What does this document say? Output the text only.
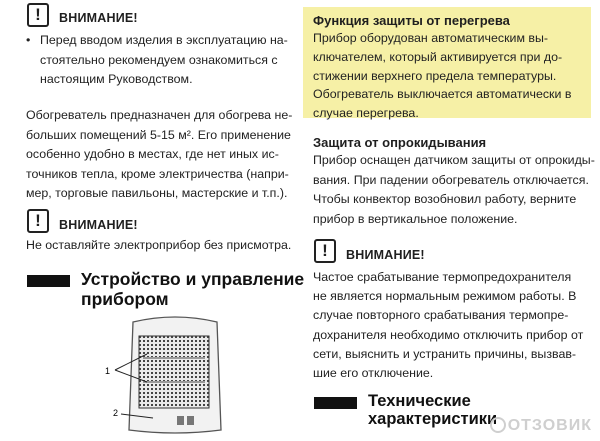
!	ВНИМАНИЕ!
• Перед вводом изделия в эксплуатацию на-

стоятельно рекомендуем ознакомиться с

настоящим Руководством.

Обогреватель предназначен для обогрева не-

больших помещений 5-15 м². Его применение

особенно удобно в местах, где нет иных ис-

точников тепла, кроме электричества (напри-

мер, торговые павильоны, мастерские и т.п.).

!	ВНИМАНИЕ!
Не оставляйте электроприбор без присмотра.
Устройство и управление
прибором
1
2
Функция защиты от перегрева

Прибор оборудован автоматическим вы-

ключателем, который активируется при до-

стижении верхнего предела температуры.

Обогреватель выключается автоматически в

случае перегрева.

Защита от опрокидывания

Прибор оснащен датчиком защиты от опрокиды-

вания. При падении обогреватель отключается.

Чтобы конвектор возобновил работу, верните

прибор в вертикальное положение.

!	ВНИМАНИЕ!

Частое срабатывание термопредохранителя

не является нормальным режимом работы. В

случае повторного срабатывания термопре-

дохранителя необходимо отключить прибор от

сети, выяснить и устранить причины, вызвав-

шие его отключение.

Технические
характеристики ОТЗОВИК
